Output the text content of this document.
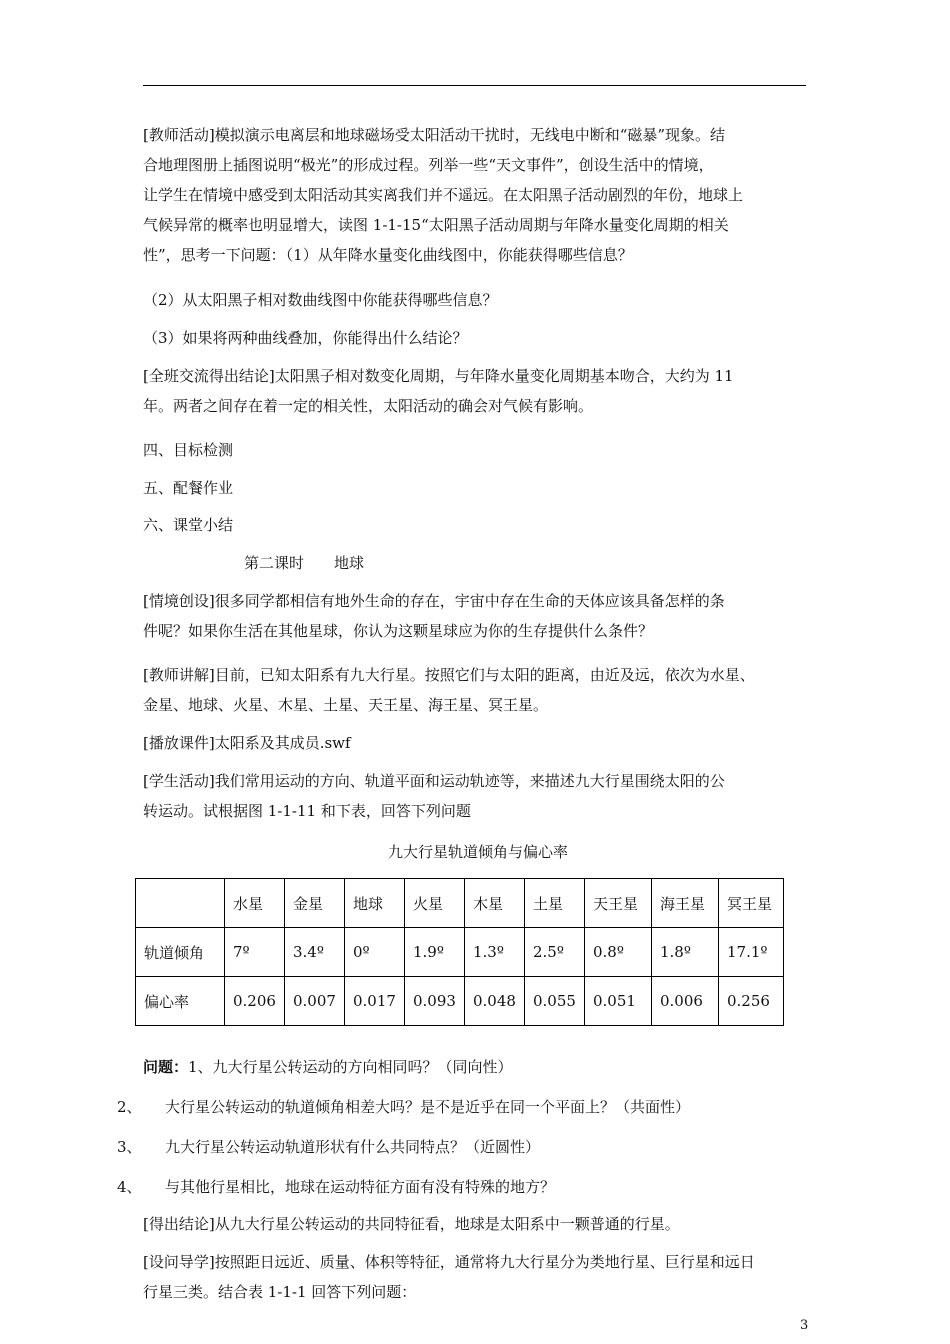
[教师活动]模拟演示电离层和地球磁场受太阳活动干扰时，无线电中断和“磁暴”现象。结
合地理图册上插图说明“极光”的形成过程。列举一些“天文事件”，创设生活中的情境，
让学生在情境中感受到太阳活动其实离我们并不遥远。在太阳黑子活动剧烈的年份，地球上
气候异常的概率也明显增大，读图 1-1-15“太阳黑子活动周期与年降水量变化周期的相关
性”，思考一下问题：（1）从年降水量变化曲线图中，你能获得哪些信息？
（2）从太阳黑子相对数曲线图中你能获得哪些信息？
（3）如果将两种曲线叠加，你能得出什么结论？
[全班交流得出结论]太阳黑子相对数变化周期，与年降水量变化周期基本吻合，大约为 11
年。两者之间存在着一定的相关性，太阳活动的确会对气候有影响。
四、目标检测
五、配餐作业
六、课堂小结
第二课时　　地球
[情境创设]很多同学都相信有地外生命的存在，宇宙中存在生命的天体应该具备怎样的条
件呢？如果你生活在其他星球，你认为这颗星球应为你的生存提供什么条件？
[教师讲解]目前，已知太阳系有九大行星。按照它们与太阳的距离，由近及远，依次为水星、
金星、地球、火星、木星、土星、天王星、海王星、冥王星。
[播放课件]太阳系及其成员.swf
[学生活动]我们常用运动的方向、轨道平面和运动轨迹等，来描述九大行星围绕太阳的公
转运动。试根据图 1-1-11 和下表，回答下列问题
九大行星轨道倾角与偏心率
	水星	金星	地球	火星	木星	土星	天王星	海王星	冥王星
轨道倾角	7º	3.4º	0º	1.9º	1.3º	2.5º	0.8º	1.8º	17.1º
偏心率	0.206	0.007	0.017	0.093	0.048	0.055	0.051	0.006	0.256
问题：1、九大行星公转运动的方向相同吗？（同向性）
2、 大行星公转运动的轨道倾角相差大吗？是不是近乎在同一个平面上？（共面性）
3、 九大行星公转运动轨道形状有什么共同特点？（近圆性）
4、 与其他行星相比，地球在运动特征方面有没有特殊的地方？
[得出结论]从九大行星公转运动的共同特征看，地球是太阳系中一颗普通的行星。
[设问导学]按照距日远近、质量、体积等特征，通常将九大行星分为类地行星、巨行星和远日
行星三类。结合表 1-1-1 回答下列问题：
3
